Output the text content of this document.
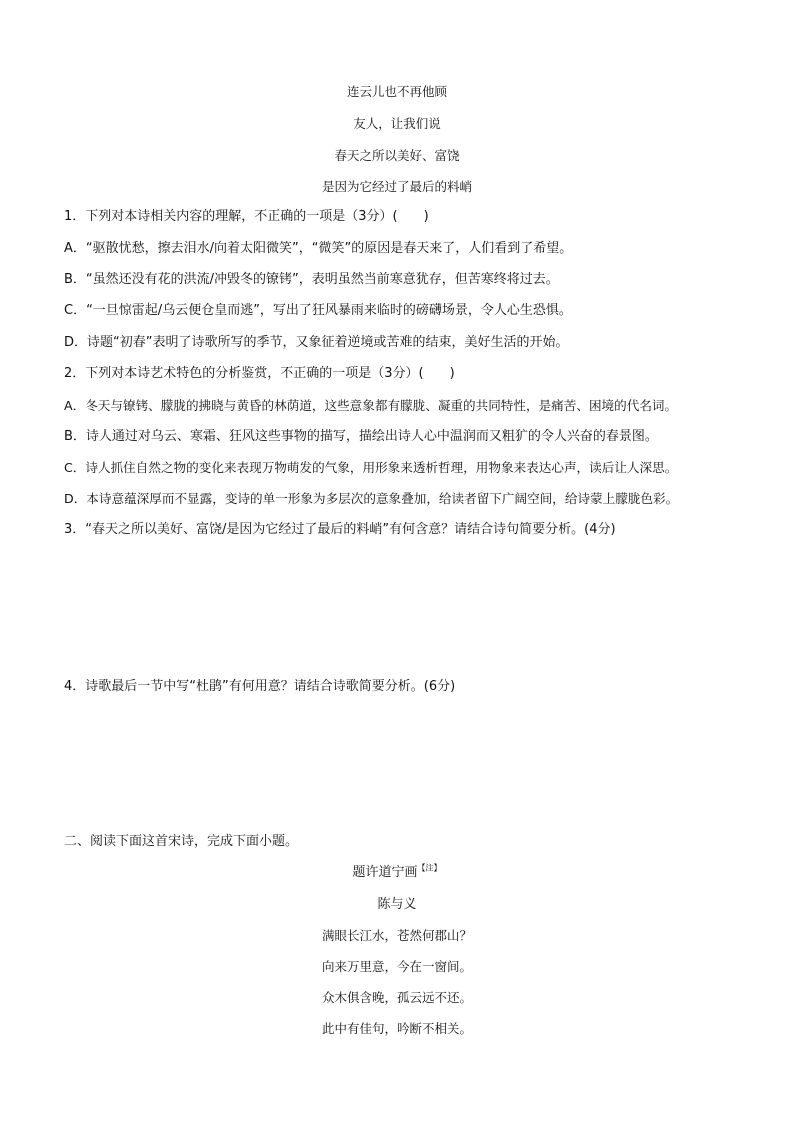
连云儿也不再他顾
友人，让我们说
春天之所以美好、富饶
是因为它经过了最后的料峭
1．下列对本诗相关内容的理解，不正确的一项是（3分）(　　)
A．“驱散忧愁，擦去泪水/向着太阳微笑”，“微笑”的原因是春天来了，人们看到了希望。
B．“虽然还没有花的洪流/冲毁冬的镣铐”，表明虽然当前寒意犹存，但苦寒终将过去。
C．“一旦惊雷起/乌云便仓皇而逃”，写出了狂风暴雨来临时的磅礴场景，令人心生恐惧。
D．诗题“初春”表明了诗歌所写的季节，又象征着逆境或苦难的结束，美好生活的开始。
2．下列对本诗艺术特色的分析鉴赏，不正确的一项是（3分）(　　)
A．冬天与镣铐、朦胧的拂晓与黄昏的林荫道，这些意象都有朦胧、凝重的共同特性，是痛苦、困境的代名词。
B．诗人通过对乌云、寒霜、狂风这些事物的描写，描绘出诗人心中温润而又粗犷的令人兴奋的春景图。
C．诗人抓住自然之物的变化来表现万物萌发的气象，用形象来透析哲理，用物象来表达心声，读后让人深思。
D．本诗意蕴深厚而不显露，变诗的单一形象为多层次的意象叠加，给读者留下广阔空间，给诗蒙上朦胧色彩。
3．“春天之所以美好、富饶/是因为它经过了最后的料峭”有何含意？请结合诗句简要分析。(4分)
4．诗歌最后一节中写“杜鹃”有何用意？请结合诗歌简要分析。(6分)
二、阅读下面这首宋诗，完成下面小题。
题许道宁画$^{【注】}$
陈与义
满眼长江水，苍然何郡山？
向来万里意，今在一窗间。
众木俱含晚，孤云远不还。
此中有佳句，吟断不相关。
